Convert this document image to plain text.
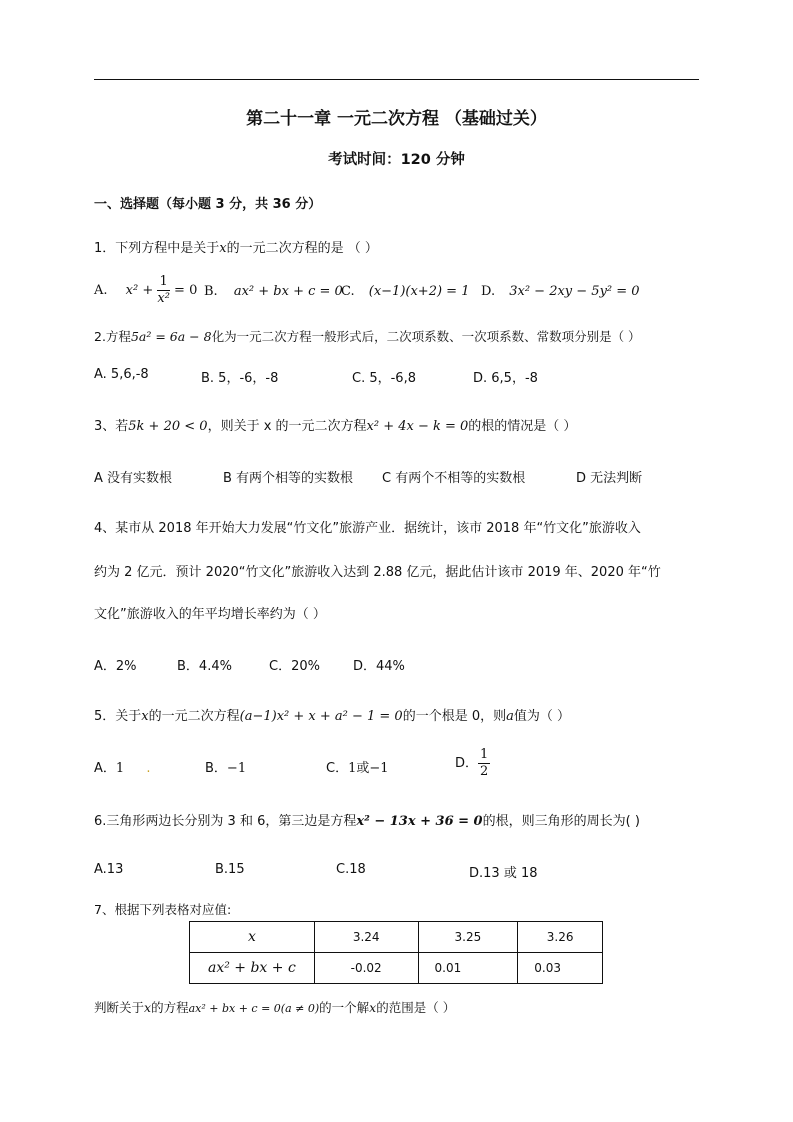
第二十一章 一元二次方程 （基础过关）
考试时间：120 分钟
一、选择题（每小题 3 分，共 36 分）
1．下列方程中是关于x的一元二次方程的是 （ ）
A. $x^2 + \frac{1}{\text{x²}} = 0$ B. ax² + bx + c = 0
C. (x−1)(x+2) = 1 D. 3x² − 2xy − 5y² = 0
2.方程5a² = 6a − 8化为一元二次方程一般形式后，二次项系数、一次项系数、常数项分别是（ ）
A. 5,6,-8	B. 5，-6，-8	C. 5，-6,8	D. 6,5，-8
3、若5k + 20 < 0，则关于 x 的一元二次方程x² + 4x − k = 0的根的情况是（ ）
A 没有实数根	B 有两个相等的实数根 C 有两个不相等的实数根	D 无法判断
4、某市从 2018 年开始大力发展“竹文化”旅游产业．据统计，该市 2018 年“竹文化”旅游收入
约为 2 亿元．预计 2020“竹文化”旅游收入达到 2.88 亿元，据此估计该市 2019 年、2020 年“竹
文化”旅游收入的年平均增长率约为（ ）
A．2%	B．4.4%	C．20%	D．44%
5．关于x的一元二次方程(a−1)x² + x + a² − 1 = 0的一个根是 0，则a值为（ ）
A．1 .	B．−1	C．1或−1	D． $\frac{1}{2}$
6.三角形两边长分别为 3 和 6，第三边是方程x² − 13x + 36 = 0的根，则三角形的周长为( )
A.13	B.15	C.18	D.13 或 18
7、根据下列表格对应值:
x	3.24	3.25	3.26
ax² + bx + c	-0.02	0.01	0.03
判断关于x的方程ax² + bx + c = 0(a ≠ 0)的一个解x的范围是（ ）
